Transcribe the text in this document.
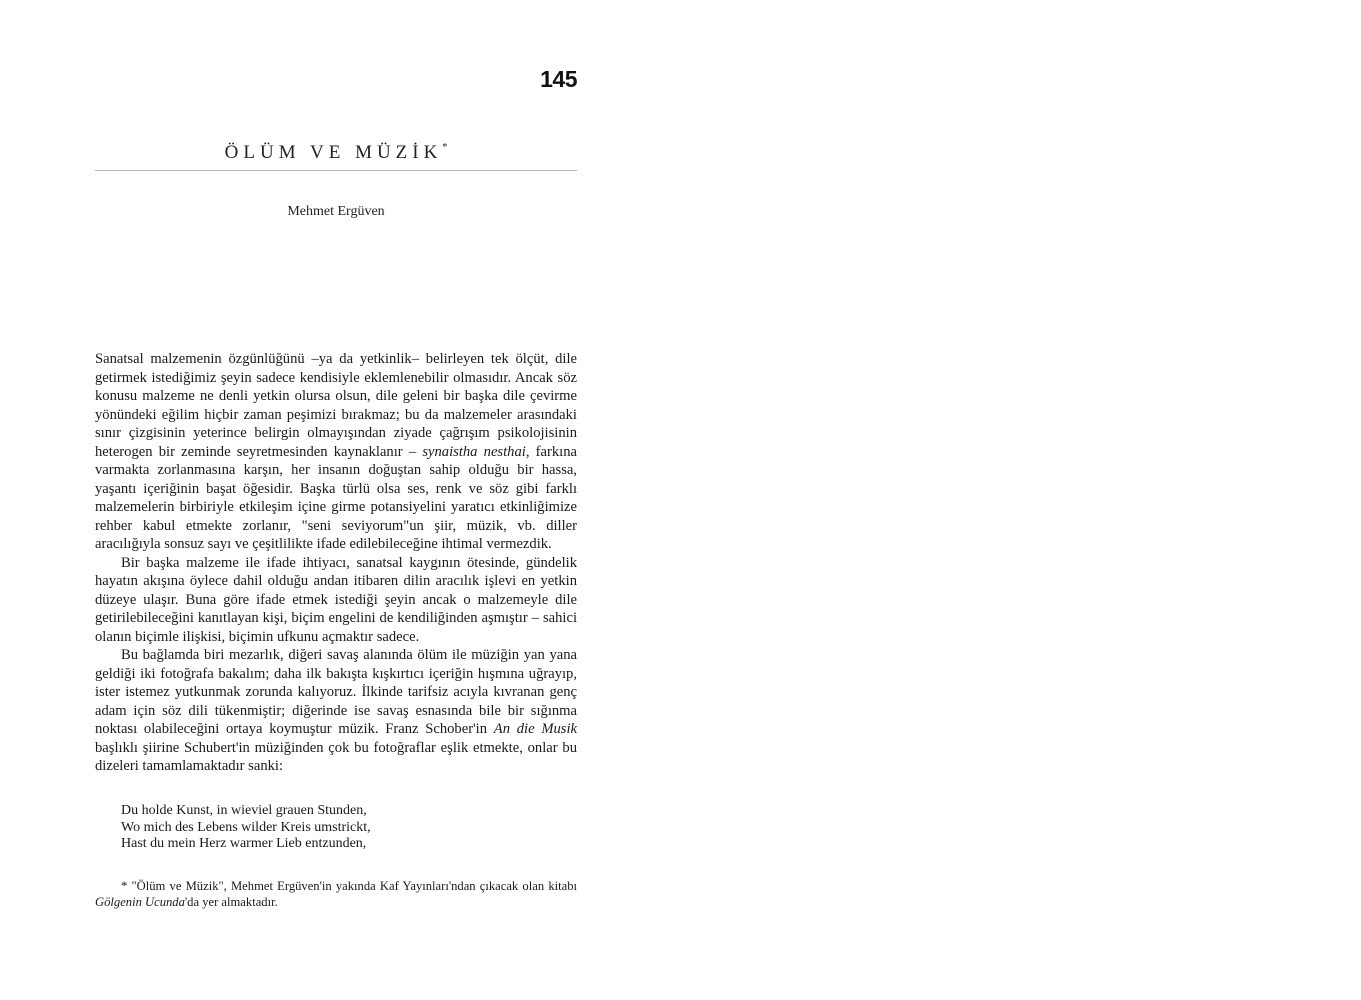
145
ÖLÜM VE MÜZİK*
Mehmet Ergüven

Sanatsal malzemenin özgünlüğünü –ya da yetkinlik– belirleyen tek ölçüt, dile getirmek istediğimiz şeyin sadece kendisiyle eklemlenebilir olmasıdır. Ancak söz konusu malzeme ne denli yetkin olursa olsun, dile geleni bir başka dile çevirme yönündeki eğilim hiçbir zaman peşimizi bırakmaz; bu da malzemeler arasındaki sınır çizgisinin yeterince belirgin olmayışından ziyade çağrışım psikolojisinin heterogen bir zeminde seyretmesinden kaynaklanır – synaistha nesthai, farkına varmakta zorlanmasına karşın, her insanın doğuştan sahip olduğu bir hassa, yaşantı içeriğinin başat öğesidir. Başka türlü olsa ses, renk ve söz gibi farklı malzemelerin birbiriyle etkileşim içine girme potansiyelini yaratıcı etkinliğimize rehber kabul etmekte zorlanır, "seni seviyorum"un şiir, müzik, vb. diller aracılığıyla sonsuz sayı ve çeşitlilikte ifade edilebileceğine ihtimal vermezdik.

Bir başka malzeme ile ifade ihtiyacı, sanatsal kaygının ötesinde, gündelik hayatın akışına öylece dahil olduğu andan itibaren dilin aracılık işlevi en yetkin düzeye ulaşır. Buna göre ifade etmek istediği şeyin ancak o malzemeyle dile getirilebileceğini kanıtlayan kişi, biçim engelini de kendiliğinden aşmıştır – sahici olanın biçimle ilişkisi, biçimin ufkunu açmaktır sadece.

Bu bağlamda biri mezarlık, diğeri savaş alanında ölüm ile müziğin yan yana geldiği iki fotoğrafa bakalım; daha ilk bakışta kışkırtıcı içeriğin hışmına uğrayıp, ister istemez yutkunmak zorunda kalıyoruz. İlkinde tarifsiz acıyla kıvranan genç adam için söz dili tükenmiştir; diğerinde ise savaş esnasında bile bir sığınma noktası olabileceğini ortaya koymuştur müzik. Franz Schober'in An die Musik başlıklı şiirine Schubert'in müziğinden çok bu fotoğraflar eşlik etmekte, onlar bu dizeleri tamamlamaktadır sanki:

Du holde Kunst, in wieviel grauen Stunden,
Wo mich des Lebens wilder Kreis umstrickt,
Hast du mein Herz warmer Lieb entzunden,
* "Ölüm ve Müzik", Mehmet Ergüven'in yakında Kaf Yayınları'ndan çıkacak olan kitabı Gölgenin Ucunda'da yer almaktadır.
